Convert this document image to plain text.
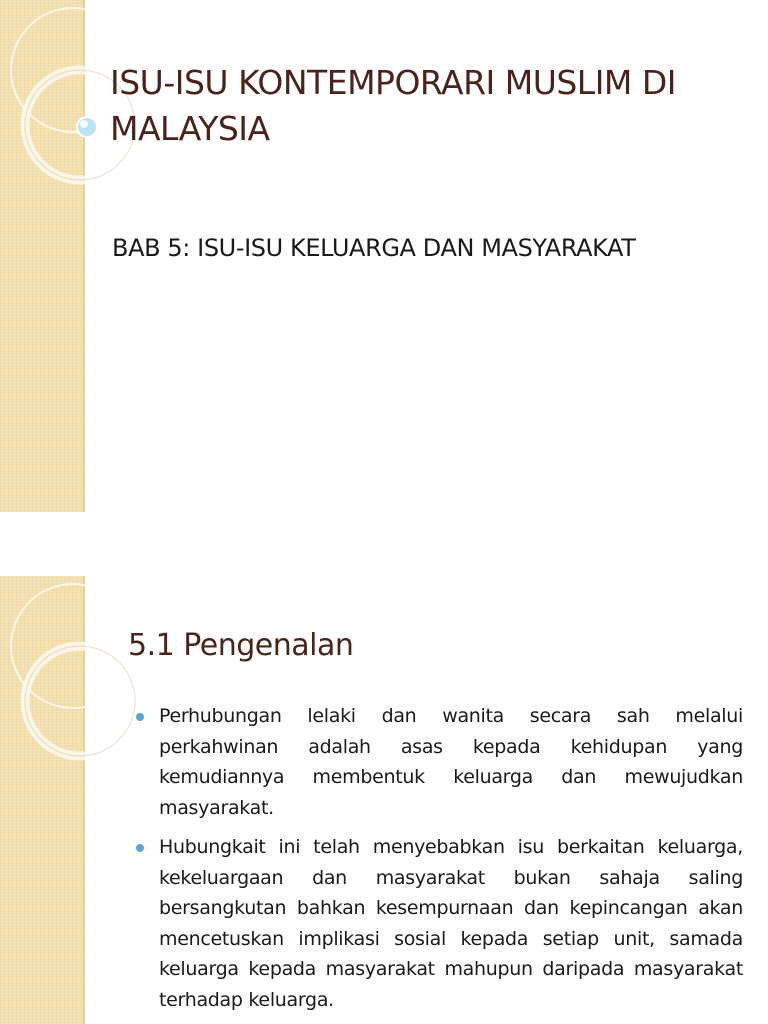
ISU-ISU KONTEMPORARI MUSLIM DI MALAYSIA
BAB 5: ISU-ISU KELUARGA DAN MASYARAKAT

5.1 Pengenalan
Perhubungan lelaki dan wanita secara sah melalui perkahwinan adalah asas kepada kehidupan yang kemudiannya membentuk keluarga dan mewujudkan masyarakat.
Hubungkait ini telah menyebabkan isu berkaitan keluarga, kekeluargaan dan masyarakat bukan sahaja saling bersangkutan bahkan kesempurnaan dan kepincangan akan mencetuskan implikasi sosial kepada setiap unit, samada keluarga kepada masyarakat mahupun daripada masyarakat terhadap keluarga.
